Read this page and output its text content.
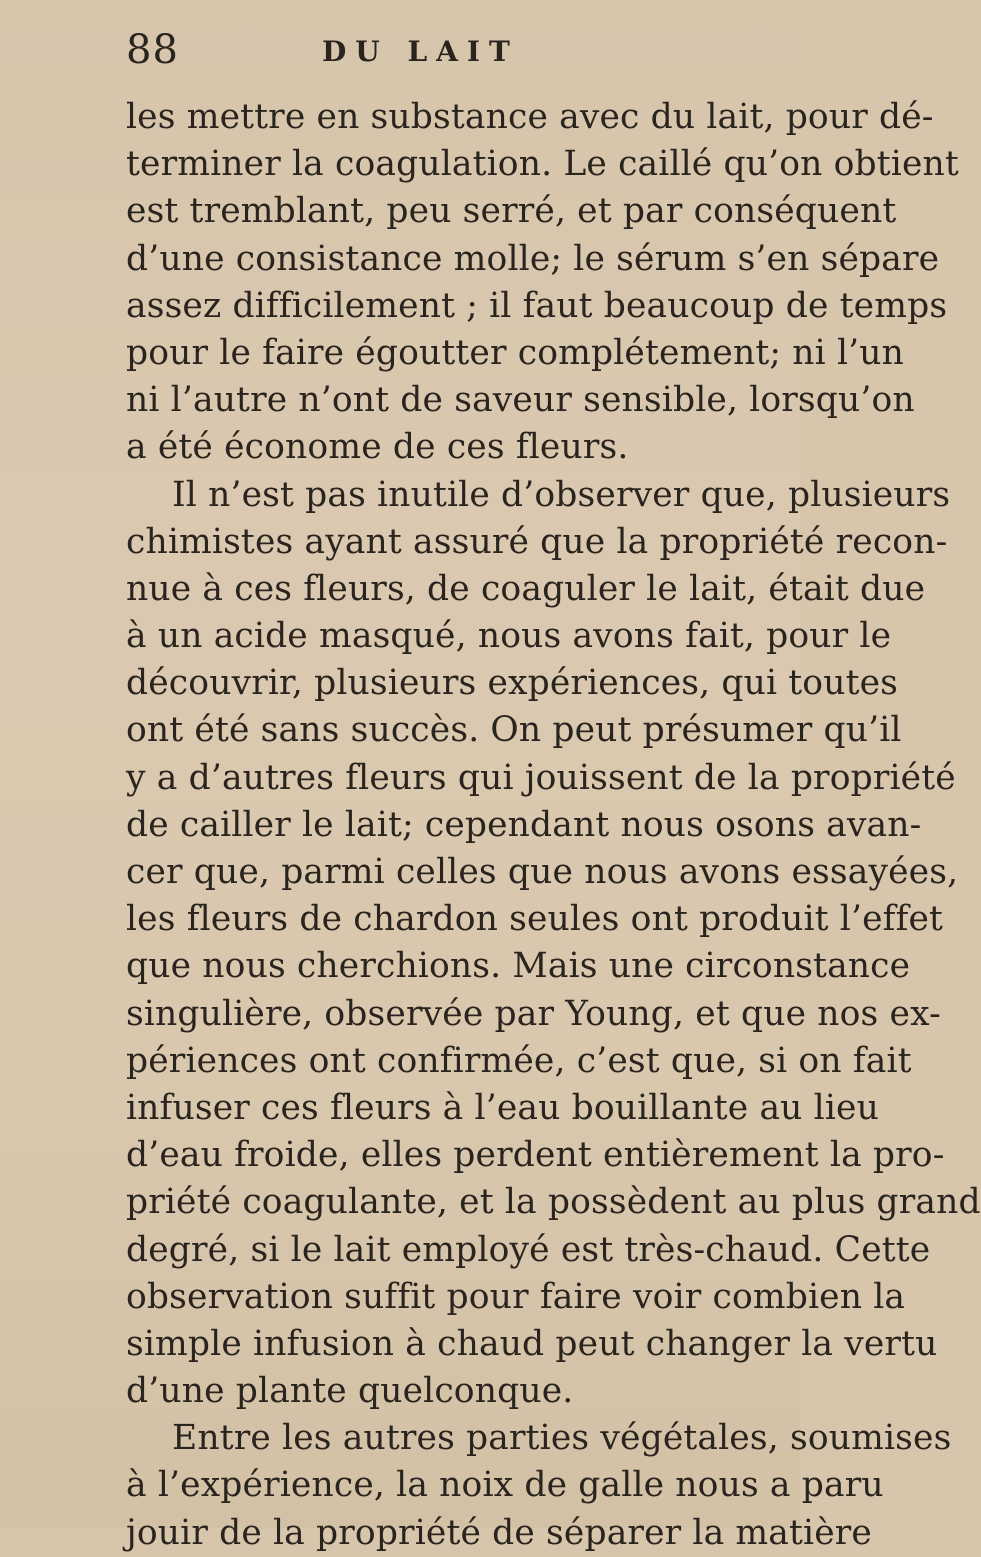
88	DU LAIT
les mettre en substance avec du lait, pour dé-
terminer la coagulation. Le caillé qu’on obtient
est tremblant, peu serré, et par conséquent
d’une consistance molle; le sérum s’en sépare
assez difficilement ; il faut beaucoup de temps
pour le faire égoutter complétement; ni l’un
ni l’autre n’ont de saveur sensible, lorsqu’on
a été économe de ces fleurs.
Il n’est pas inutile d’observer que, plusieurs
chimistes ayant assuré que la propriété recon-
nue à ces fleurs, de coaguler le lait, était due
à un acide masqué, nous avons fait, pour le
découvrir, plusieurs expériences, qui toutes
ont été sans succès. On peut présumer qu’il
y a d’autres fleurs qui jouissent de la propriété
de cailler le lait; cependant nous osons avan-
cer que, parmi celles que nous avons essayées,
les fleurs de chardon seules ont produit l’effet
que nous cherchions. Mais une circonstance
singulière, observée par Young, et que nos ex-
périences ont confirmée, c’est que, si on fait
infuser ces fleurs à l’eau bouillante au lieu
d’eau froide, elles perdent entièrement la pro-
priété coagulante, et la possèdent au plus grand
degré, si le lait employé est très-chaud. Cette
observation suffit pour faire voir combien la
simple infusion à chaud peut changer la vertu
d’une plante quelconque.
Entre les autres parties végétales, soumises
à l’expérience, la noix de galle nous a paru
jouir de la propriété de séparer la matière
